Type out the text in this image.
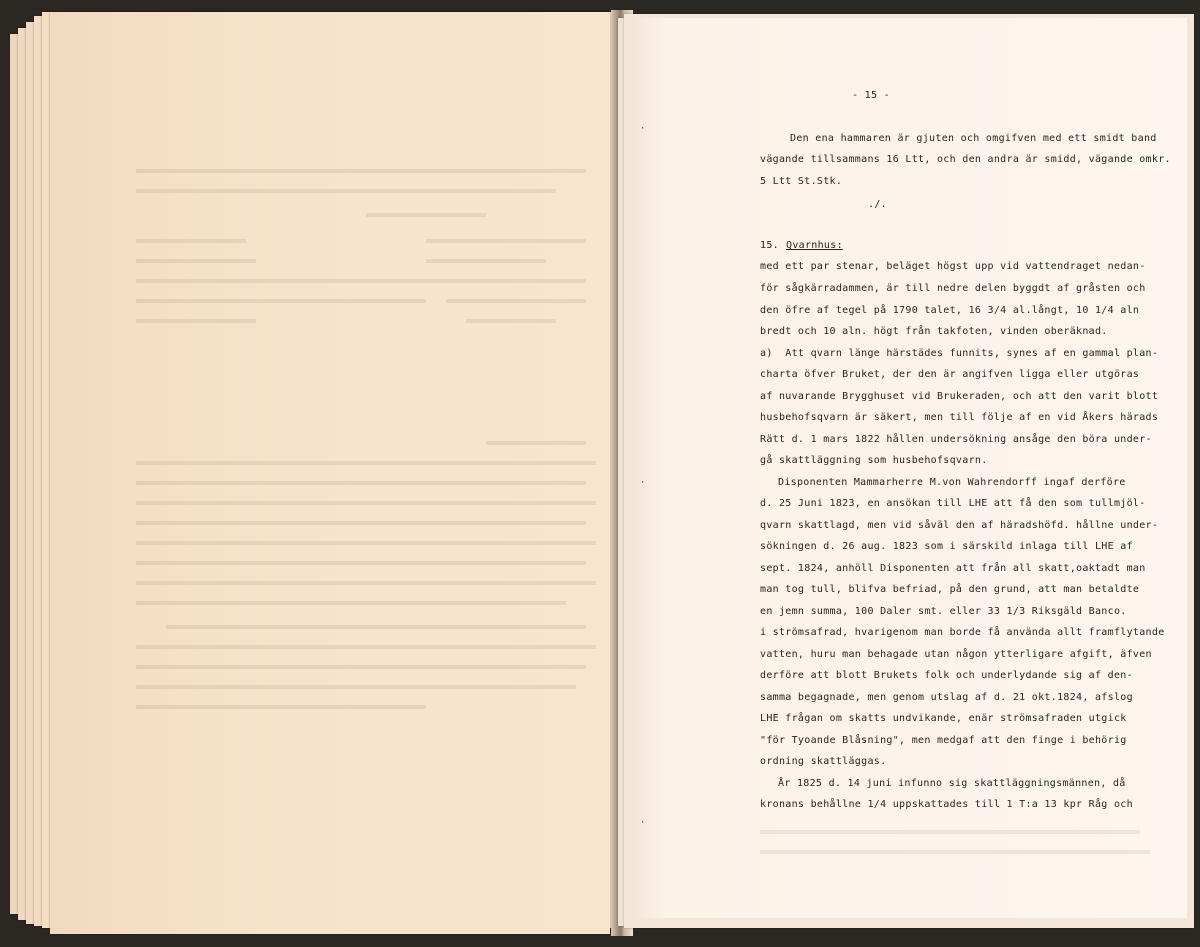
·
·
·

- 15 -

Den ena hammaren är gjuten och omgifven med ett smidt band

vägande tillsammans 16 Ltt, och den andra är smidd, vägande omkr.

5 Ltt St.Stk.

./.

15.

Qvarnhus:

med ett par stenar, beläget högst upp vid vattendraget nedan-

för sågkärradammen, är till nedre delen byggdt af gråsten och

den öfre af tegel på 1790 talet, 16 3/4 al.långt, 10 1/4 aln

bredt och 10 aln. högt från takfoten, vinden oberäknad.

a)  Att qvarn länge härstädes funnits, synes af en gammal plan-

charta öfver Bruket, der den är angifven ligga eller utgöras

af nuvarande Brygghuset vid Brukeraden, och att den varit blott

husbehofsqvarn är säkert, men till följe af en vid Åkers härads

Rätt d. 1 mars 1822 hållen undersökning ansåge den böra under-

gå skattläggning som husbehofsqvarn.

Disponenten Mammarherre M.von Wahrendorff ingaf derföre

d. 25 Juni 1823, en ansökan till LHE att få den som tullmjöl-

qvarn skattlagd, men vid såväl den af häradshöfd. hållne under-

sökningen d. 26 aug. 1823 som i särskild inlaga till LHE af

sept. 1824, anhöll Disponenten att från all skatt,oaktadt man

man tog tull, blifva befriad, på den grund, att man betaldte

en jemn summa, 100 Daler smt. eller 33 1/3 Riksgäld Banco.

i strömsafrad, hvarigenom man borde få använda allt framflytande

vatten, huru man behagade utan någon ytterligare afgift, äfven

derföre att blott Brukets folk och underlydande sig af den-

samma begagnade, men genom utslag af d. 21 okt.1824, afslog

LHE frågan om skatts undvikande, enär strömsafraden utgick

"för Tyoande Blåsning", men medgaf att den finge i behörig

ordning skattläggas.

År 1825 d. 14 juni infunno sig skattläggningsmännen, då

kronans behållne 1/4 uppskattades till 1 T:a 13 kpr Råg och
